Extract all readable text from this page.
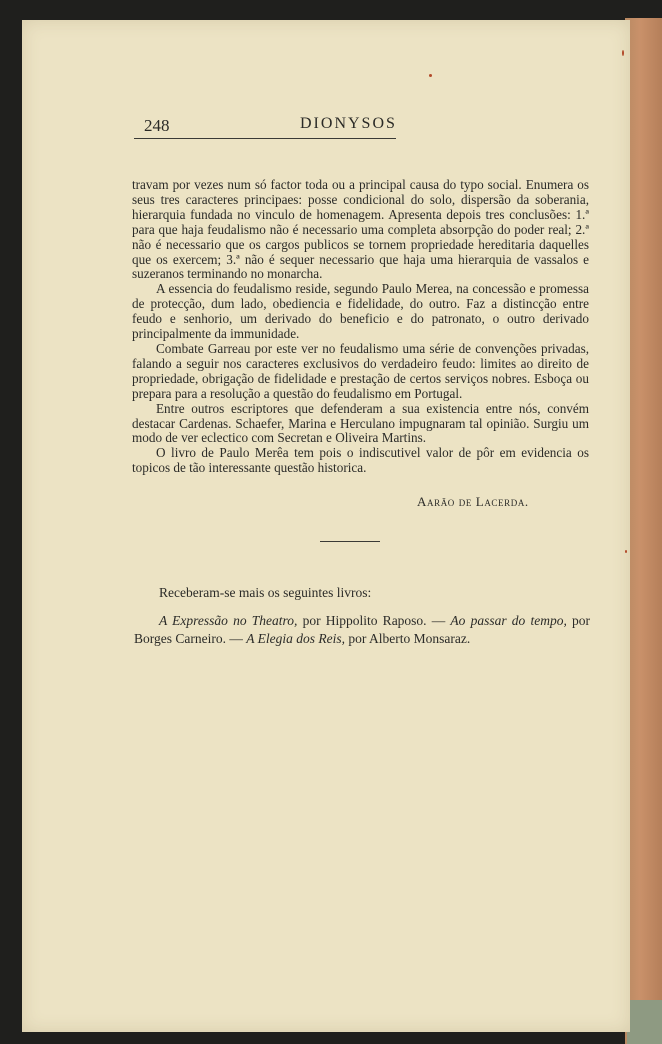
248	DIONYSOS

travam por vezes num só factor toda ou a principal causa do typo social. Enumera os seus tres caracteres principaes: posse condicional do solo, dispersão da soberania, hierarquia fundada no vinculo de homenagem. Apresenta depois tres conclusões: 1.ª para que haja feudalismo não é necessario uma completa absorpção do poder real; 2.ª não é necessario que os cargos publicos se tornem propriedade hereditaria daquelles que os exercem; 3.ª não é sequer necessario que haja uma hierarquia de vassalos e suzeranos terminando no monarcha.

A essencia do feudalismo reside, segundo Paulo Merea, na concessão e promessa de protecção, dum lado, obediencia e fidelidade, do outro. Faz a distincção entre feudo e senhorio, um derivado do beneficio e do patronato, o outro derivado principalmente da immunidade.

Combate Garreau por este ver no feudalismo uma série de convenções privadas, falando a seguir nos caracteres exclusivos do verdadeiro feudo: limites ao direito de propriedade, obrigação de fidelidade e prestação de certos serviços nobres. Esboça ou prepara para a resolução a questão do feudalismo em Portugal.

Entre outros escriptores que defenderam a sua existencia entre nós, convém destacar Cardenas. Schaefer, Marina e Herculano impugnaram tal opinião. Surgiu um modo de ver eclectico com Secretan e Oliveira Martins.

O livro de Paulo Merêa tem pois o indiscutivel valor de pôr em evidencia os topicos de tão interessante questão historica.

Aarão de Lacerda.
Receberam-se mais os seguintes livros:
A Expressão no Theatro, por Hippolito Raposo. — Ao passar do tempo, por Borges Carneiro. — A Elegia dos Reis, por Alberto Monsaraz.
